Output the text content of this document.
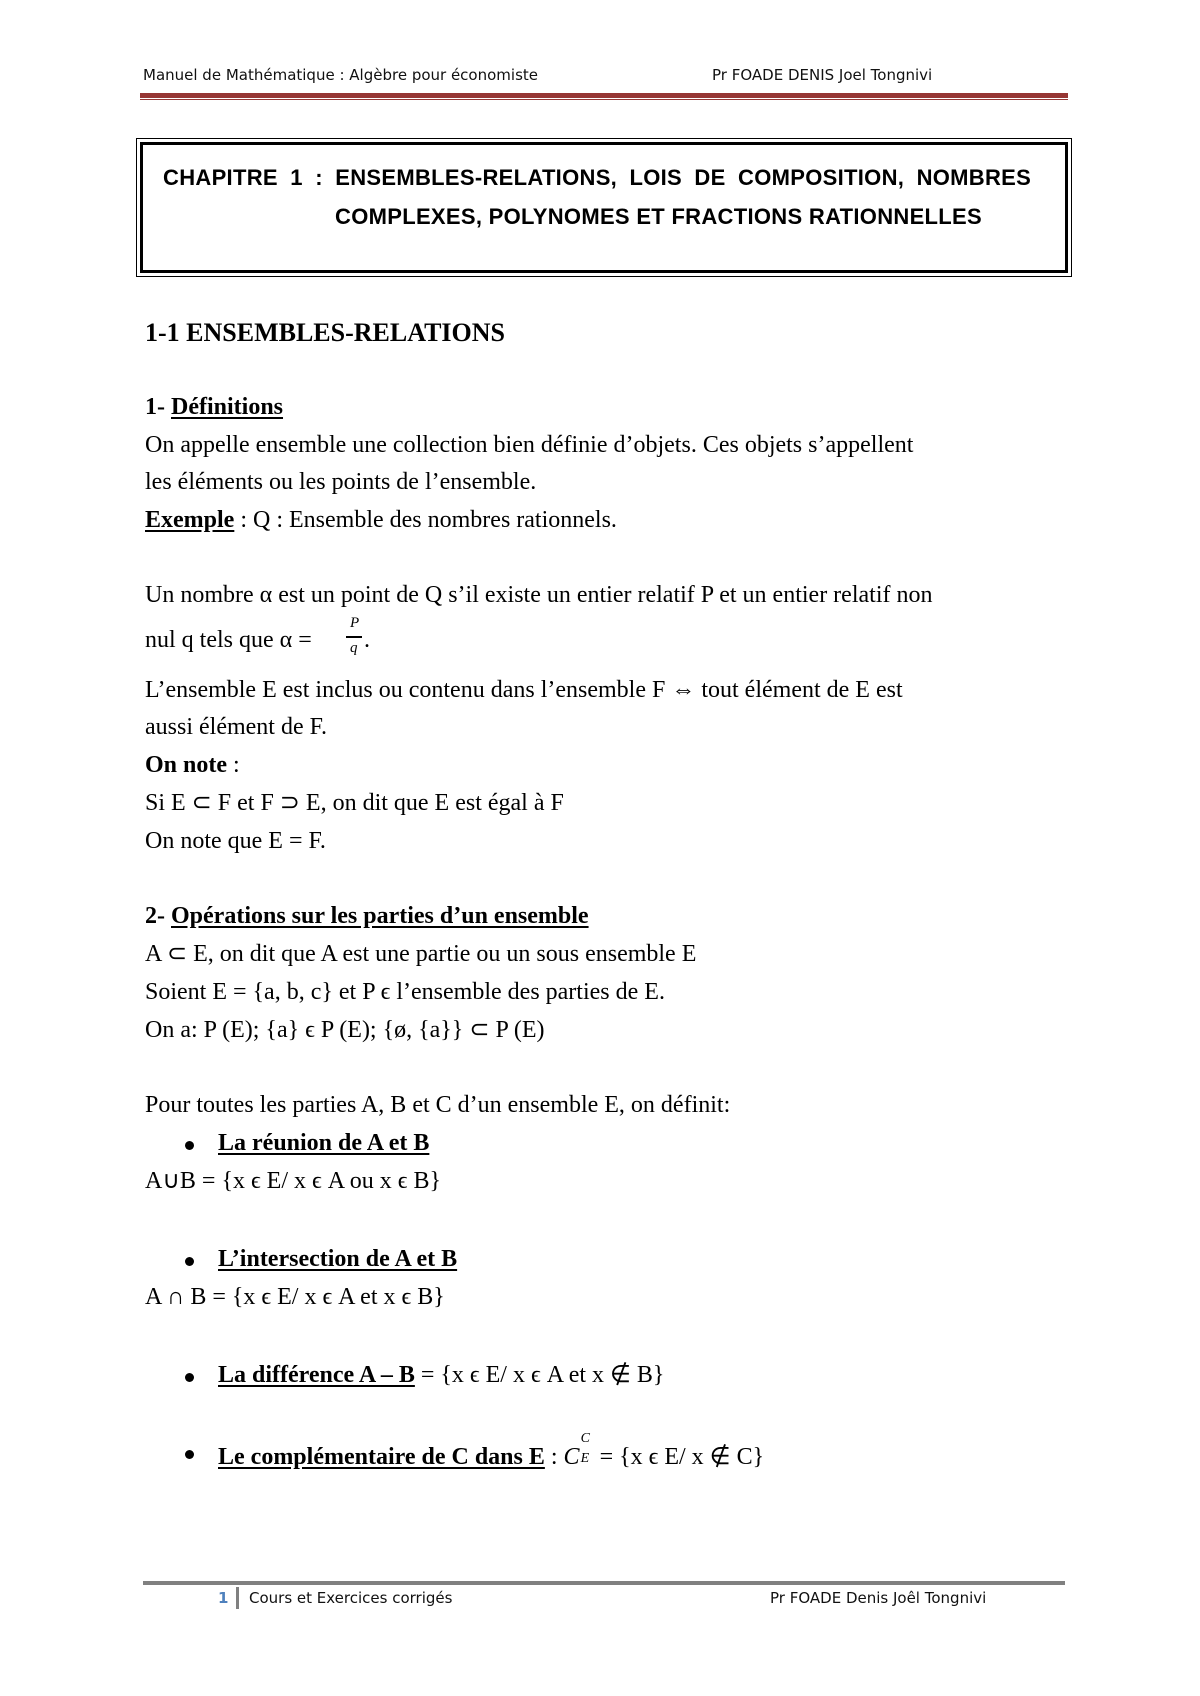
Manuel de Mathématique : Algèbre pour économiste	Pr FOADE DENIS Joel Tongnivi
CHAPITRE 1 : ENSEMBLES-RELATIONS, LOIS DE COMPOSITION, NOMBRES
COMPLEXES, POLYNOMES ET FRACTIONS RATIONNELLES
1-1 ENSEMBLES-RELATIONS
1- Définitions
On appelle ensemble une collection bien définie d’objets. Ces objets s’appellent
les éléments ou les points de l’ensemble.
Exemple : Q : Ensemble des nombres rationnels.
Un nombre α est un point de Q s’il existe un entier relatif P et un entier relatif non
nul q tels que α =
P
q .
L’ensemble E est inclus ou contenu dans l’ensemble F ⇔ tout élément de E est
aussi élément de F.
On note :
Si E ⊂ F et F ⊃ E, on dit que E est égal à F
On note que E = F.
2- Opérations sur les parties d’un ensemble
A ⊂ E, on dit que A est une partie ou un sous ensemble E
Soient E = {a, b, c} et P ϵ l’ensemble des parties de E.
On a: P (E); {a} ϵ P (E); {ø, {a}} ⊂ P (E)
Pour toutes les parties A, B et C d’un ensemble E, on définit:
La réunion de A et B
A∪B = {x ϵ E/ x ϵ A ou x ϵ B}
L’intersection de A et B
A ∩ B = {x ϵ E/ x ϵ A et x ϵ B}
La différence A – B = {x ϵ E/ x ϵ A et x ∉ B}
Le complémentaire de C dans E : C
C
E = {x ϵ E/ x ∉ C}
1 Cours et Exercices corrigés	Pr FOADE Denis Joêl Tongnivi
